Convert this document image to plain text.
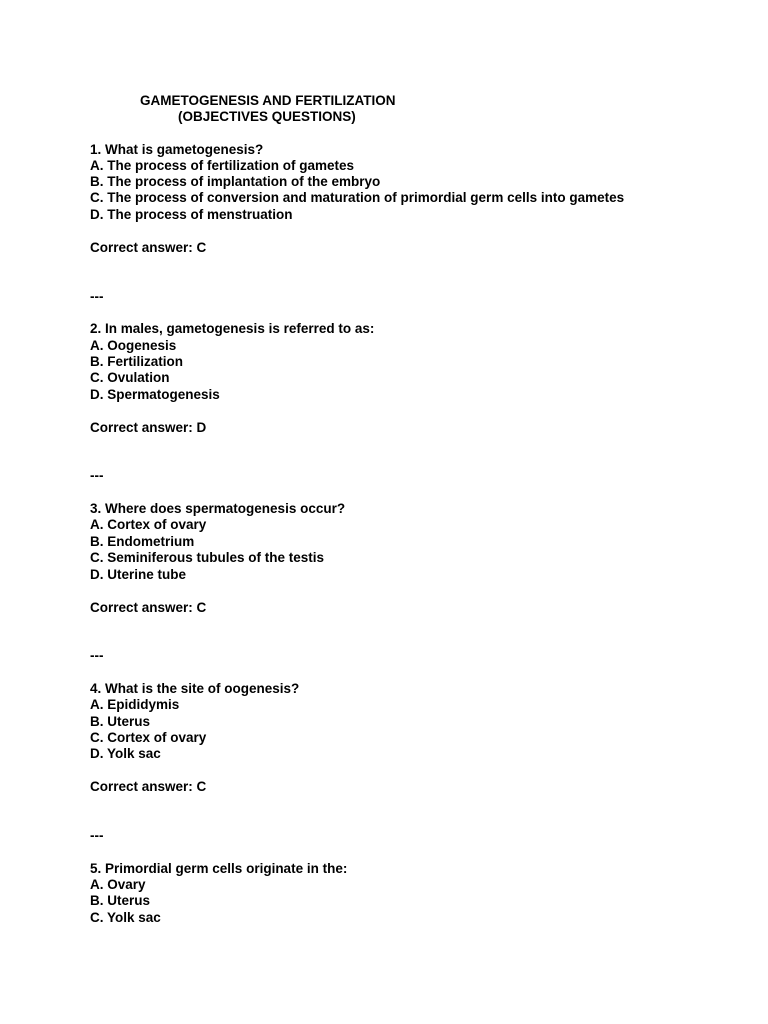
GAMETOGENESIS AND FERTILIZATION
(OBJECTIVES QUESTIONS)
1. What is gametogenesis?
A. The process of fertilization of gametes
B. The process of implantation of the embryo
C. The process of conversion and maturation of primordial germ cells into gametes
D. The process of menstruation
Correct answer: C
---
2. In males, gametogenesis is referred to as:
A. Oogenesis
B. Fertilization
C. Ovulation
D. Spermatogenesis
Correct answer: D
---
3. Where does spermatogenesis occur?
A. Cortex of ovary
B. Endometrium
C. Seminiferous tubules of the testis
D. Uterine tube
Correct answer: C
---
4. What is the site of oogenesis?
A. Epididymis
B. Uterus
C. Cortex of ovary
D. Yolk sac
Correct answer: C
---
5. Primordial germ cells originate in the:
A. Ovary
B. Uterus
C. Yolk sac
